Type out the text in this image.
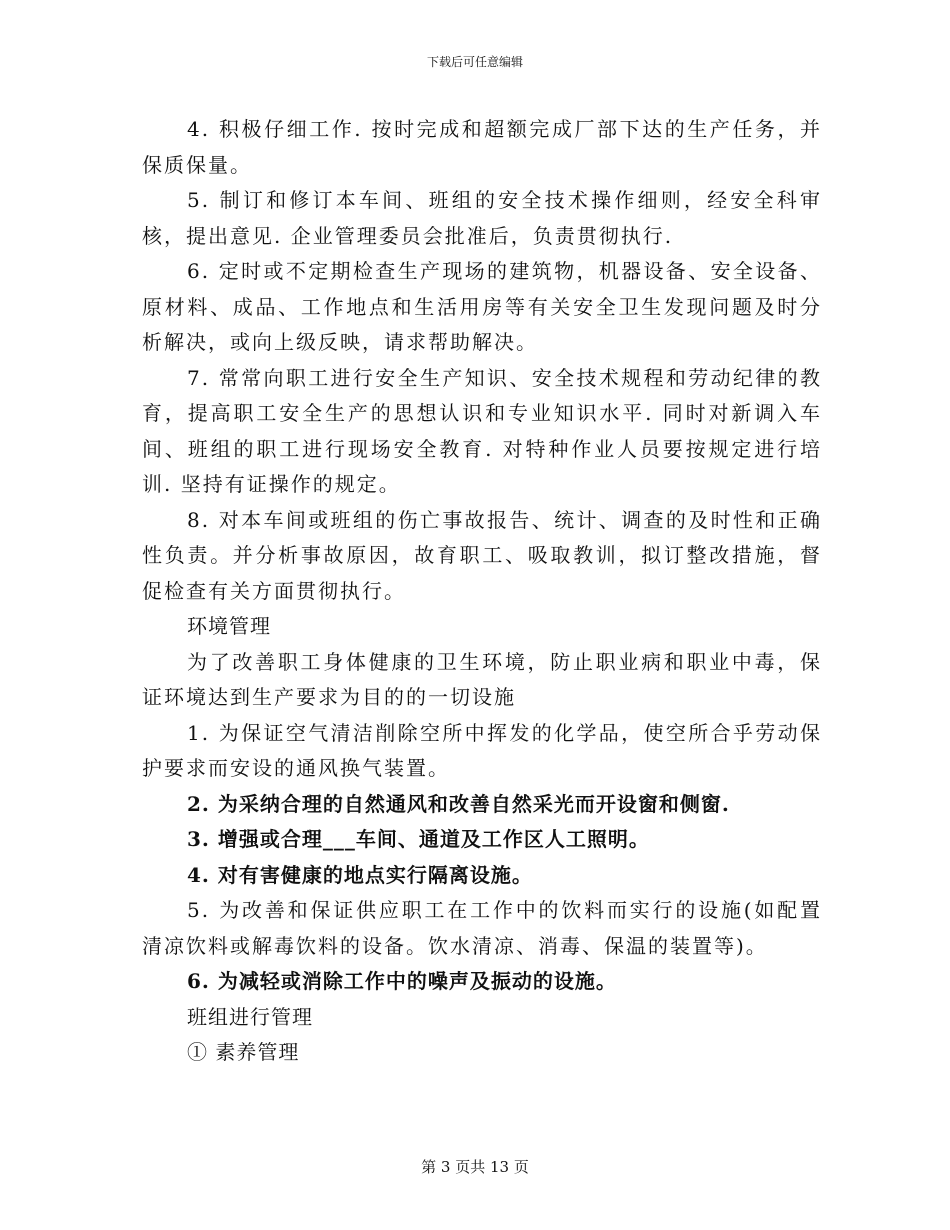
下载后可任意编辑

4. 积极仔细工作. 按时完成和超额完成厂部下达的生产任务，并保质保量。

5. 制订和修订本车间、班组的安全技术操作细则，经安全科审核，提出意见. 企业管理委员会批准后，负责贯彻执行.

6. 定时或不定期检查生产现场的建筑物，机器设备、安全设备、原材料、成品、工作地点和生活用房等有关安全卫生发现问题及时分析解决，或向上级反映，请求帮助解决。

7. 常常向职工进行安全生产知识、安全技术规程和劳动纪律的教育，提高职工安全生产的思想认识和专业知识水平. 同时对新调入车间、班组的职工进行现场安全教育. 对特种作业人员要按规定进行培训. 坚持有证操作的规定。

8. 对本车间或班组的伤亡事故报告、统计、调查的及时性和正确性负责。并分析事故原因，故育职工、吸取教训，拟订整改措施，督促检查有关方面贯彻执行。

环境管理

为了改善职工身体健康的卫生环境，防止职业病和职业中毒，保证环境达到生产要求为目的的一切设施

1. 为保证空气清洁削除空所中挥发的化学品，使空所合乎劳动保护要求而安设的通风换气装置。

2. 为采纳合理的自然通风和改善自然采光而开设窗和侧窗.

3. 增强或合理___车间、通道及工作区人工照明。

4. 对有害健康的地点实行隔离设施。

5. 为改善和保证供应职工在工作中的饮料而实行的设施(如配置清凉饮料或解毒饮料的设备。饮水清凉、消毒、保温的装置等)。

6. 为减轻或消除工作中的噪声及振动的设施。

班组进行管理

① 素养管理

第 3 页共 13 页
